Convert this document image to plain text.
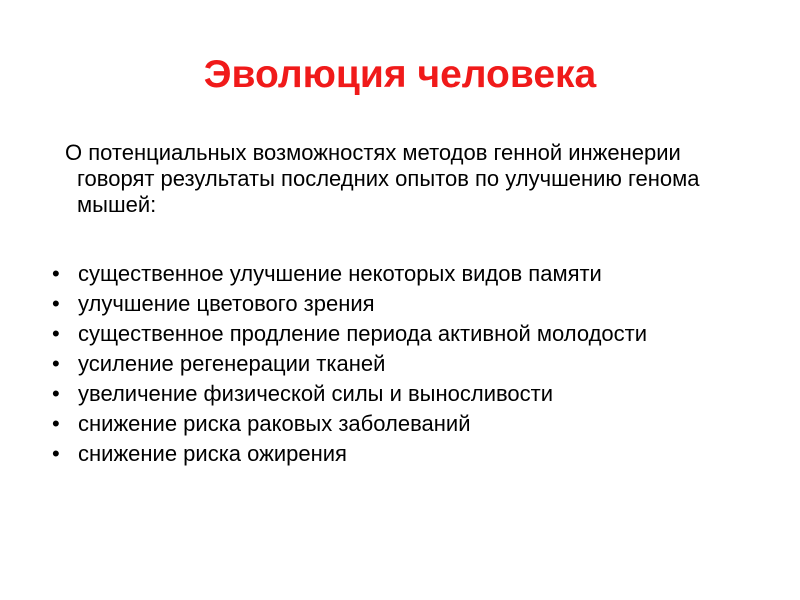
Эволюция человека
О потенциальных возможностях методов генной инженерии говорят результаты последних опытов по улучшению генома мышей:
• существенное улучшение некоторых видов памяти
• улучшение цветового зрения
• существенное продление периода активной молодости
• усиление регенерации тканей
• увеличение физической силы и выносливости
• снижение риска раковых заболеваний
• снижение риска ожирения
